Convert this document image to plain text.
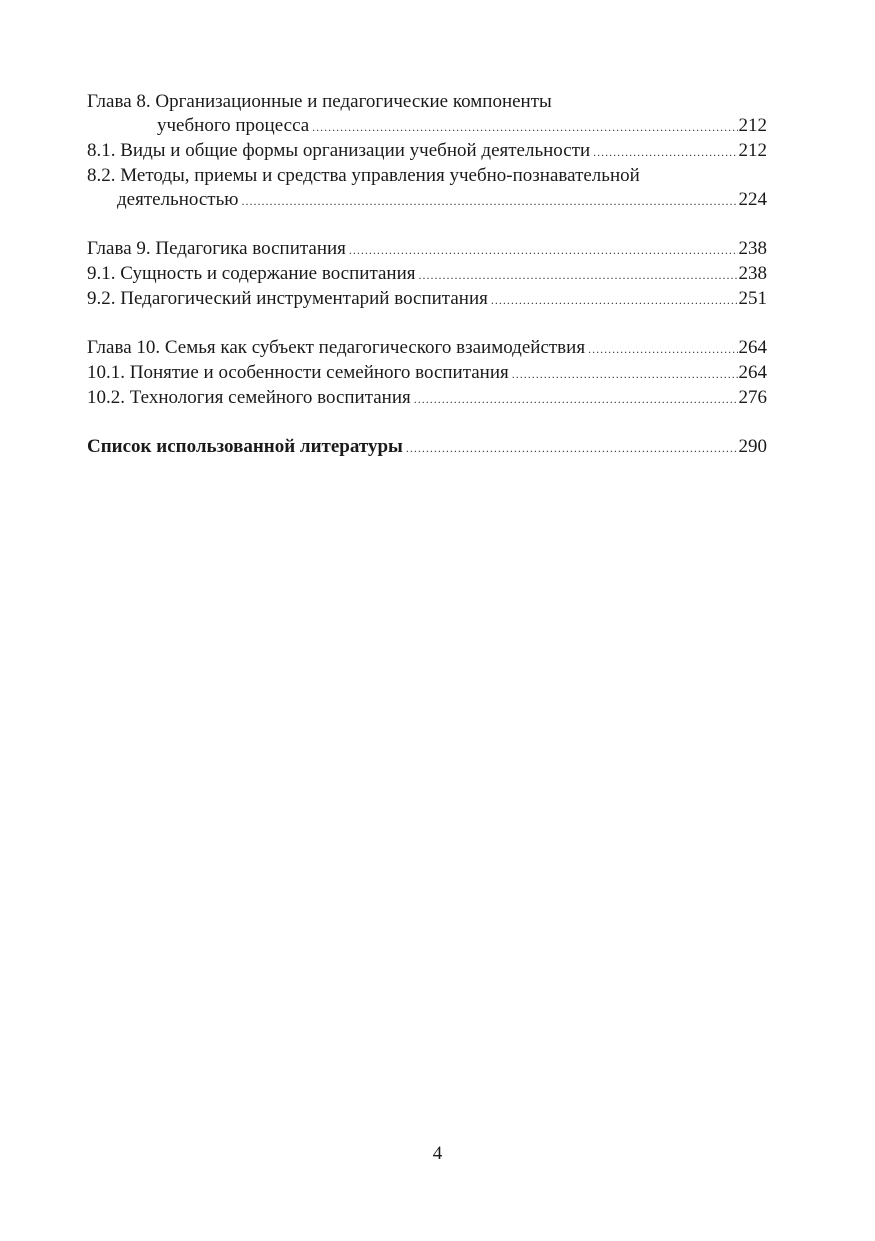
Глава 8. Организационные и педагогические компоненты
учебного процесса .....	212
8.1. Виды и общие формы организации учебной деятельности .....	212
8.2. Методы, приемы и средства управления учебно-познавательной
деятельностью .....	224
Глава 9. Педагогика воспитания .....	238
9.1. Сущность и содержание воспитания .....	238
9.2. Педагогический инструментарий воспитания .....	251
Глава 10. Семья как субъект педагогического взаимодействия .....	264
10.1. Понятие и особенности семейного воспитания .....	264
10.2. Технология семейного воспитания .....	276
Список использованной литературы .....	290
4
